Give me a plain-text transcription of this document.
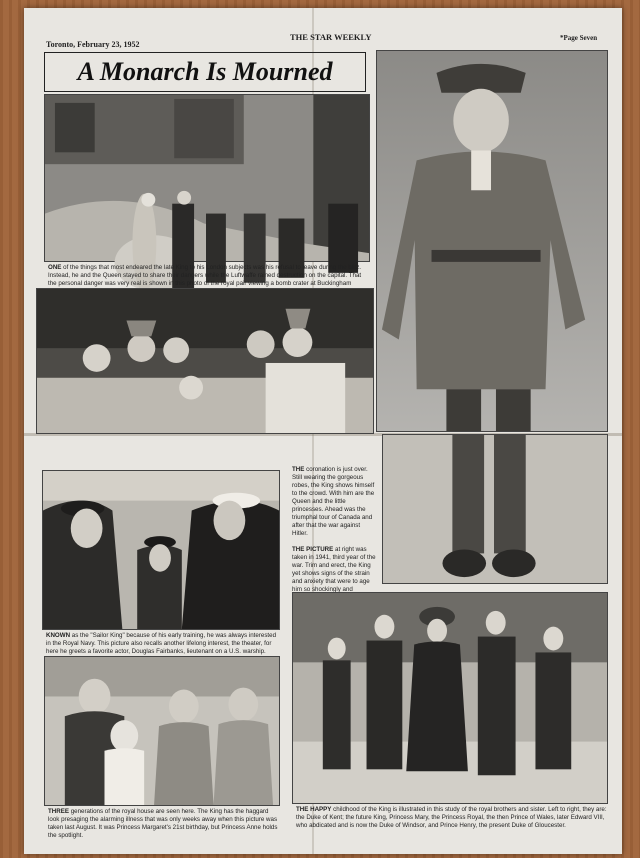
Toronto, February 23, 1952
THE STAR WEEKLY	*Page Seven
A Monarch Is Mourned
ONE of the things that most endeared the late King to his London subjects was his refusal to leave during the blitz. Instead, he and the Queen stayed to share their dangers while the Luftwaffe rained destruction on the capital. That the personal danger was very real is shown in this photo of the royal pair viewing a bomb crater at Buckingham
THE coronation is just over. Still wearing the gorgeous robes, the King shows himself to the crowd. With him are the Queen and the little princesses. Ahead was the triumphal tour of Canada and after that the war against Hitler.
THE PICTURE at right was taken in 1941, third year of the war. Trim and erect, the King yet shows signs of the strain and anxiety that were to age him so shockingly and
KNOWN as the "Sailor King" because of his early training, he was always interested in the Royal Navy. This picture also recalls another lifelong interest, the theater, for here he greets a favorite actor, Douglas Fairbanks, lieutenant on a U.S. warship.
THREE generations of the royal house are seen here. The King has the haggard look presaging the alarming illness that was only weeks away when this picture was taken last August. It was Princess Margaret's 21st birthday, but Princess Anne holds the spotlight.
THE HAPPY childhood of the King is illustrated in this study of the royal brothers and sister. Left to right, they are: the Duke of Kent; the future King, Princess Mary, the Princess Royal, the then Prince of Wales, later Edward VIII, who abdicated and is now the Duke of Windsor, and Prince Henry, the present Duke of Gloucester.
